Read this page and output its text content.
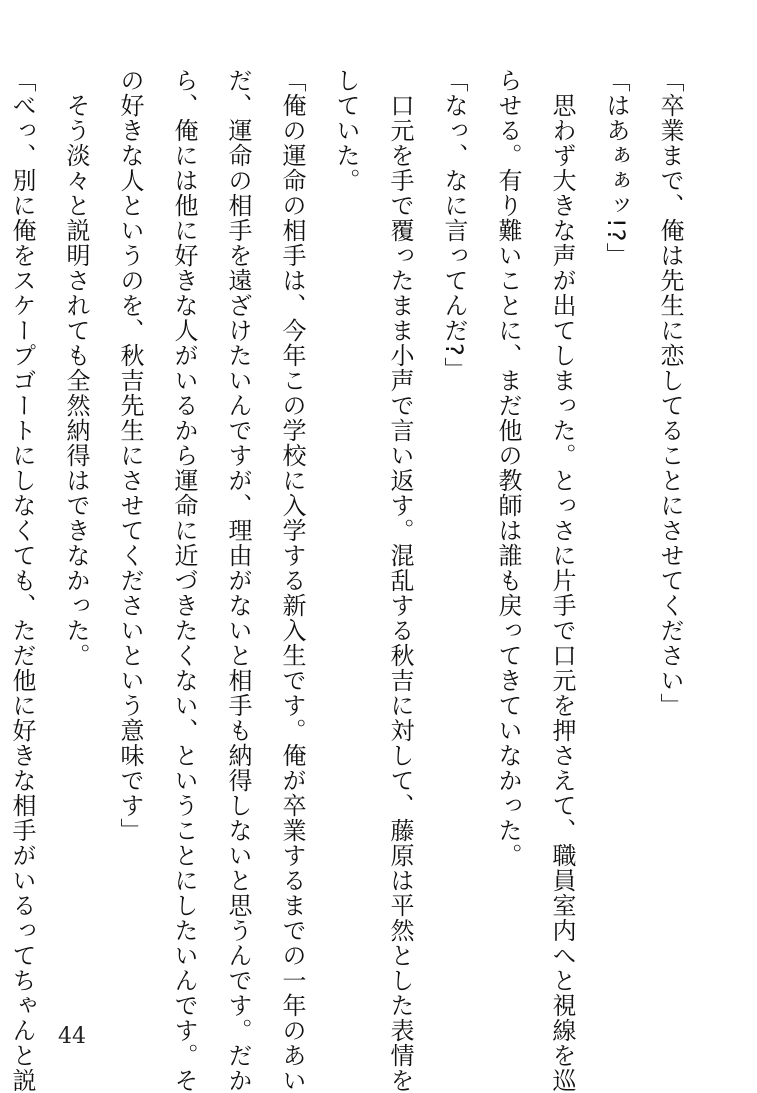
「卒業まで、俺は先生に恋してることにさせてください」

「はあぁぁッ!?」

　思わず大きな声が出てしまった。とっさに片手で口元を押さえて、職員室内へと視線を巡

らせる。有り難いことに、まだ他の教師は誰も戻ってきていなかった。

「なっ、なに言ってんだ?」

　口元を手で覆ったまま小声で言い返す。混乱する秋吉に対して、藤原は平然とした表情を

していた。

「俺の運命の相手は、今年この学校に入学する新入生です。俺が卒業するまでの一年のあい

だ、運命の相手を遠ざけたいんですが、理由がないと相手も納得しないと思うんです。だか

ら、俺には他に好きな人がいるから運命に近づきたくない、ということにしたいんです。そ

の好きな人というのを、秋吉先生にさせてくださいという意味です」

　そう淡々と説明されても全然納得はできなかった。

「べっ、別に俺をスケープゴートにしなくても、ただ他に好きな相手がいるってちゃんと説	44
